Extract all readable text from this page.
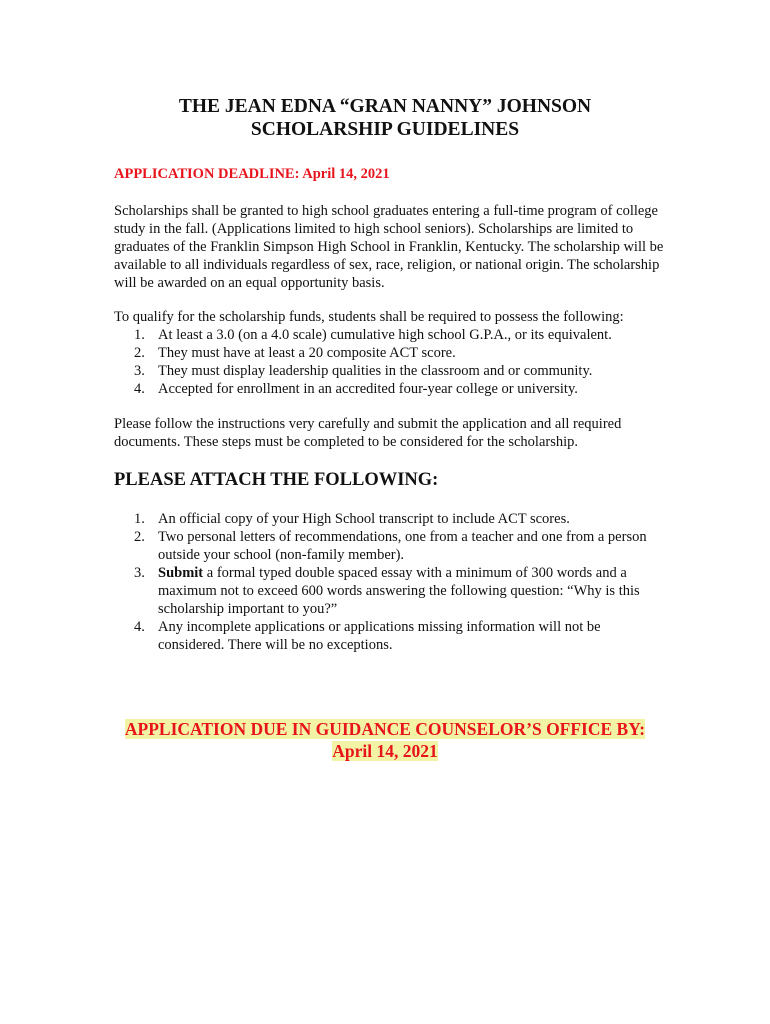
THE JEAN EDNA “GRAN NANNY” JOHNSON
SCHOLARSHIP GUIDELINES
APPLICATION DEADLINE: April 14, 2021
Scholarships shall be granted to high school graduates entering a full-time program of college study in the fall. (Applications limited to high school seniors). Scholarships are limited to graduates of the Franklin Simpson High School in Franklin, Kentucky. The scholarship will be available to all individuals regardless of sex, race, religion, or national origin. The scholarship will be awarded on an equal opportunity basis.
To qualify for the scholarship funds, students shall be required to possess the following:
1. At least a 3.0 (on a 4.0 scale) cumulative high school G.P.A., or its equivalent.
2. They must have at least a 20 composite ACT score.
3. They must display leadership qualities in the classroom and or community.
4. Accepted for enrollment in an accredited four-year college or university.
Please follow the instructions very carefully and submit the application and all required documents. These steps must be completed to be considered for the scholarship.
PLEASE ATTACH THE FOLLOWING:
1. An official copy of your High School transcript to include ACT scores.
2. Two personal letters of recommendations, one from a teacher and one from a person outside your school (non-family member).
3. Submit a formal typed double spaced essay with a minimum of 300 words and a maximum not to exceed 600 words answering the following question: “Why is this scholarship important to you?”
4. Any incomplete applications or applications missing information will not be considered. There will be no exceptions.
APPLICATION DUE IN GUIDANCE COUNSELOR’S OFFICE BY:
April 14, 2021
